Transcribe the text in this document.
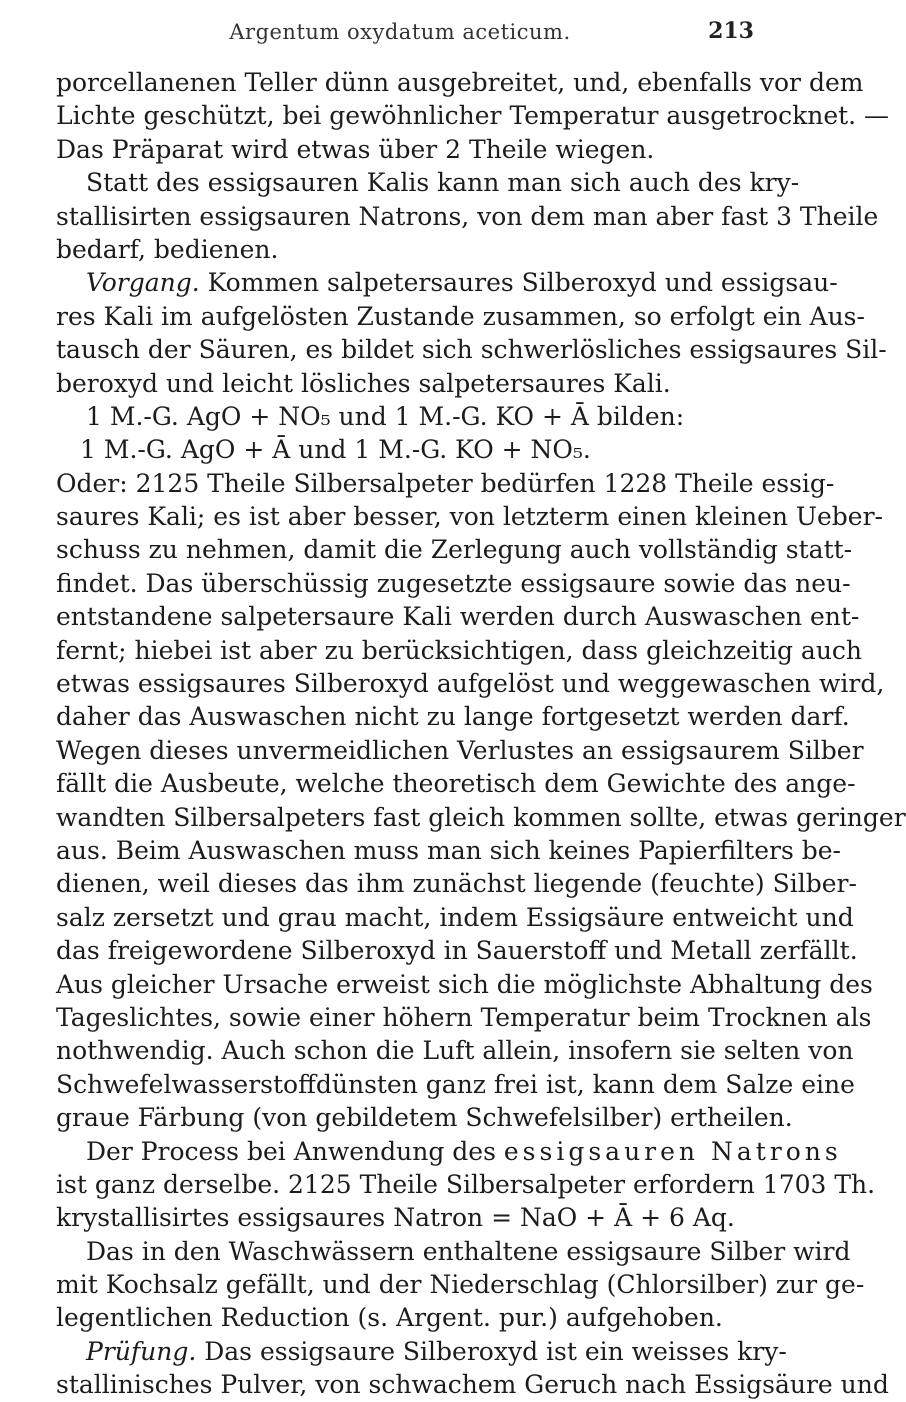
Argentum oxydatum aceticum.	213
porcellanenen Teller dünn ausgebreitet, und, ebenfalls vor dem
Lichte geschützt, bei gewöhnlicher Temperatur ausgetrocknet. —
Das Präparat wird etwas über 2 Theile wiegen.
Statt des essigsauren Kalis kann man sich auch des kry-
stallisirten essigsauren Natrons, von dem man aber fast 3 Theile
bedarf, bedienen.
Vorgang. Kommen salpetersaures Silberoxyd und essigsau-
res Kali im aufgelösten Zustande zusammen, so erfolgt ein Aus-
tausch der Säuren, es bildet sich schwerlösliches essigsaures Sil-
beroxyd und leicht lösliches salpetersaures Kali.
1 M.-G. AgO + NO₅ und 1 M.-G. KO + Ā bilden:
1 M.-G. AgO + Ā und 1 M.-G. KO + NO₅.
Oder: 2125 Theile Silbersalpeter bedürfen 1228 Theile essig-
saures Kali; es ist aber besser, von letzterm einen kleinen Ueber-
schuss zu nehmen, damit die Zerlegung auch vollständig statt-
findet. Das überschüssig zugesetzte essigsaure sowie das neu-
entstandene salpetersaure Kali werden durch Auswaschen ent-
fernt; hiebei ist aber zu berücksichtigen, dass gleichzeitig auch
etwas essigsaures Silberoxyd aufgelöst und weggewaschen wird,
daher das Auswaschen nicht zu lange fortgesetzt werden darf.
Wegen dieses unvermeidlichen Verlustes an essigsaurem Silber
fällt die Ausbeute, welche theoretisch dem Gewichte des ange-
wandten Silbersalpeters fast gleich kommen sollte, etwas geringer
aus. Beim Auswaschen muss man sich keines Papierfilters be-
dienen, weil dieses das ihm zunächst liegende (feuchte) Silber-
salz zersetzt und grau macht, indem Essigsäure entweicht und
das freigewordene Silberoxyd in Sauerstoff und Metall zerfällt.
Aus gleicher Ursache erweist sich die möglichste Abhaltung des
Tageslichtes, sowie einer höhern Temperatur beim Trocknen als
nothwendig. Auch schon die Luft allein, insofern sie selten von
Schwefelwasserstoffdünsten ganz frei ist, kann dem Salze eine
graue Färbung (von gebildetem Schwefelsilber) ertheilen.
Der Process bei Anwendung des essigsauren Natrons
ist ganz derselbe. 2125 Theile Silbersalpeter erfordern 1703 Th.
krystallisirtes essigsaures Natron = NaO + Ā + 6 Aq.
Das in den Waschwässern enthaltene essigsaure Silber wird
mit Kochsalz gefällt, und der Niederschlag (Chlorsilber) zur ge-
legentlichen Reduction (s. Argent. pur.) aufgehoben.
Prüfung. Das essigsaure Silberoxyd ist ein weisses kry-
stallinisches Pulver, von schwachem Geruch nach Essigsäure und
